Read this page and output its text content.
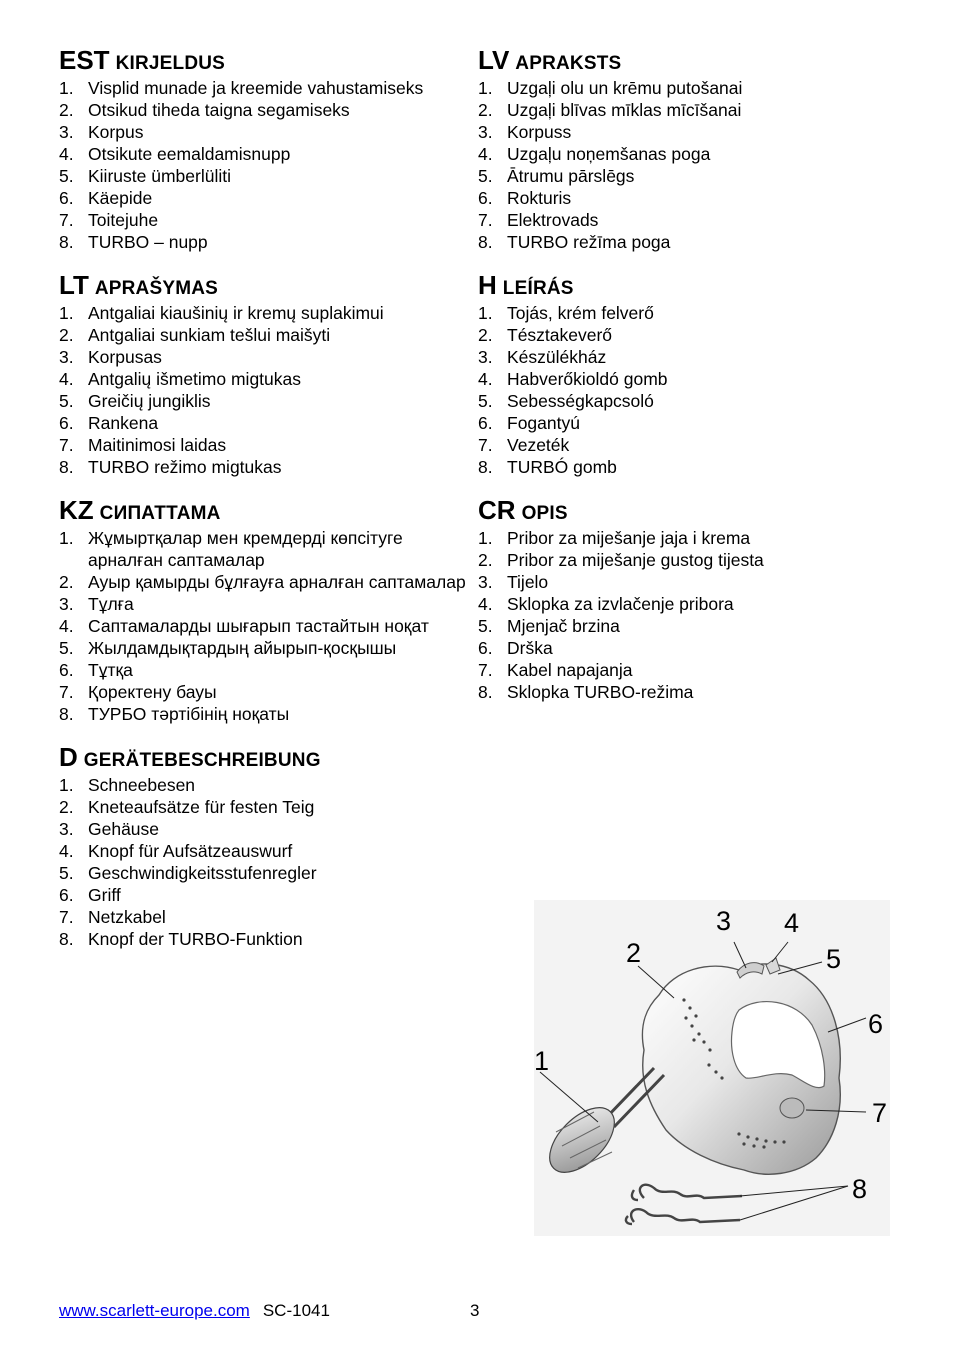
EST KIRJELDUS
1. Visplid munade ja kreemide vahustamiseks
2. Otsikud tiheda taigna segamiseks
3. Korpus
4. Otsikute eemaldamisnupp
5. Kiiruste ümberlüliti
6. Käepide
7. Toitejuhe
8. TURBO – nupp
LT APRAŠYMAS
1. Antgaliai kiaušinių ir kremų suplakimui
2. Antgaliai sunkiam tešlui maišyti
3. Korpusas
4. Antgalių išmetimo migtukas
5. Greičių jungiklis
6. Rankena
7. Maitinimosi laidas
8. TURBO režimo migtukas
KZ СИПАТТАМА
1. Жұмыртқалар мен кремдерді көпсітуге арналған саптамалар
2. Ауыр қамырды бұлғауға арналған саптамалар
3. Тұлға
4. Саптамаларды шығарып тастайтын ноқат
5. Жылдамдықтардың айырып-қосқышы
6. Тұтқа
7. Қоректену бауы
8. ТУРБО тәртібінің ноқаты
D GERÄTEBESCHREIBUNG
1. Schneebesen
2. Kneteaufsätze für festen Teig
3. Gehäuse
4. Knopf für Aufsätzeauswurf
5. Geschwindigkeitsstufenregler
6. Griff
7. Netzkabel
8. Knopf der TURBO-Funktion
LV APRAKSTS
1. Uzgaļi olu un krēmu putošanai
2. Uzgaļi blīvas mīklas mīcīšanai
3. Korpuss
4. Uzgaļu noņemšanas poga
5. Ātrumu pārslēgs
6. Rokturis
7. Elektrovads
8. TURBO režīma poga
H LEÍRÁS
1. Tojás, krém felverő
2. Tésztakeverő
3. Készülékház
4. Habverőkioldó gomb
5. Sebességkapcsoló
6. Fogantyú
7. Vezeték
8. TURBÓ gomb
CR OPIS
1. Pribor za miješanje jaja i krema
2. Pribor za miješanje gustog tijesta
3. Tijelo
4. Sklopka za izvlačenje pribora
5. Mjenjač brzina
6. Drška
7. Kabel napajanja
8. Sklopka TURBO-režima
1
2
3 4
5
6
7
8
www.scarlett-europe.com SC-1041	3
